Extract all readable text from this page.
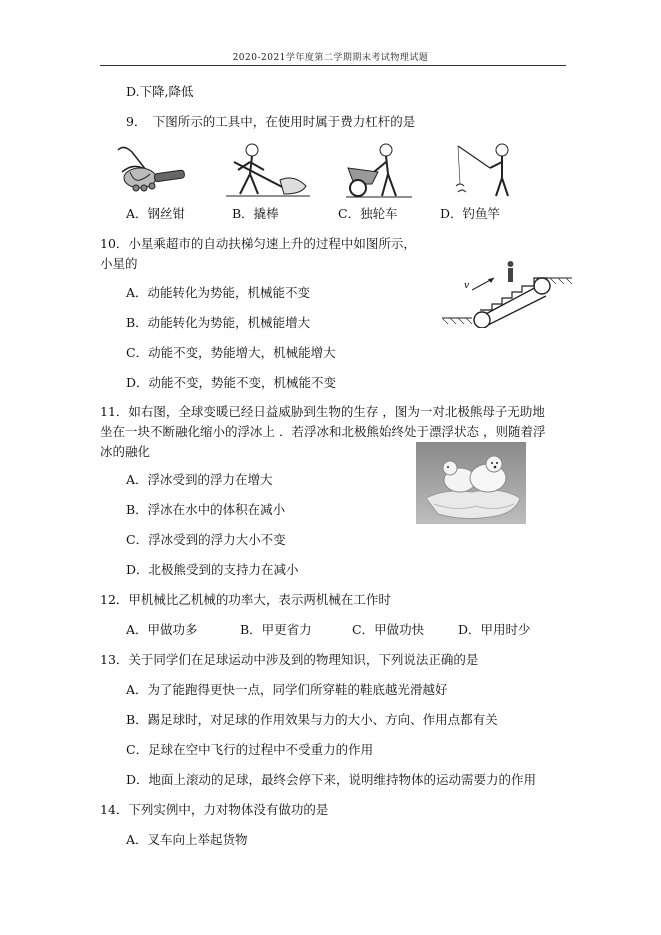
2020-2021学年度第二学期期末考试物理试题
D.下降,降低
9．　下图所示的工具中，在使用时属于费力杠杆的是
A．钢丝钳	B．撬棒	C．独轮车	D．钓鱼竿
10．小星乘超市的自动扶梯匀速上升的过程中如图所示，
小星的
A．动能转化为势能，机械能不变
B．动能转化为势能，机械能增大
C．动能不变，势能增大，机械能增大
D．动能不变，势能不变，机械能不变
v
11．如右图，全球变暖已经日益威胁到生物的生存 ，图为一对北极熊母子无助地
坐在一块不断融化缩小的浮冰上 ．若浮冰和北极熊始终处于漂浮状态 ，则随着浮
冰的融化
A．浮冰受到的浮力在增大
B．浮冰在水中的体积在减小
C．浮冰受到的浮力大小不变
D．北极熊受到的支持力在减小
12．甲机械比乙机械的功率大，表示两机械在工作时
A．甲做功多	B．甲更省力	C．甲做功快	D．甲用时少
13．关于同学们在足球运动中涉及到的物理知识，下列说法正确的是
A．为了能跑得更快一点，同学们所穿鞋的鞋底越光滑越好
B．踢足球时，对足球的作用效果与力的大小、方向、作用点都有关
C．足球在空中飞行的过程中不受重力的作用
D．地面上滚动的足球，最终会停下来，说明维持物体的运动需要力的作用
14．下列实例中，力对物体没有做功的是
A．叉车向上举起货物
